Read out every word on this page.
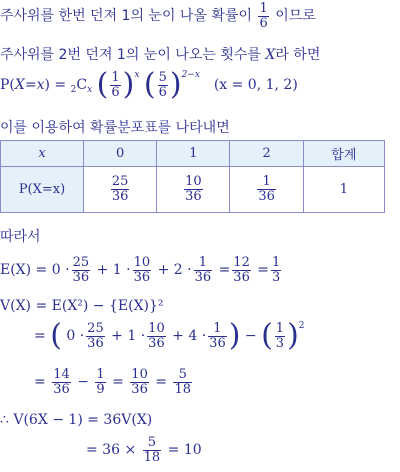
주사위를 한번 던져 1의 눈이 나올 확률이 $\frac{1}{6}$ 이므로
주사위를 2번 던져 1의 눈이 나오는 횟수를 X라 하면
$P(X=x) = _2C_x$ ( $\frac{1}{6} )^x$ ( $\frac{5}{6} )^{2-x}$  (x = 0, 1, 2)
이를 이용하여 확률분포표를 나타내면
x	0	1	2	합계
P(X=x)	$\frac{25}{36}$	$\frac{10}{36}$	$\frac{1}{36}$	1
따라서
$E(X) = 0 \cdot \frac{25}{36} + 1 \cdot \frac{10}{36} + 2 \cdot \frac{1}{36} = \frac{12}{36} = \frac{1}{3}$
V(X) = E(X²) − {E(X)}²
= ( $0 \cdot \frac{25}{36} + 1 \cdot \frac{10}{36} + 4 \cdot \frac{1}{36}$ ) − ( $\frac{1}{3} )^2$
= $\frac{14}{36} - \frac{1}{9} = \frac{10}{36} = \frac{5}{18}$
∴ V(6X − 1) = 36V(X)
= $36 \times \frac{5}{18} = 10$
